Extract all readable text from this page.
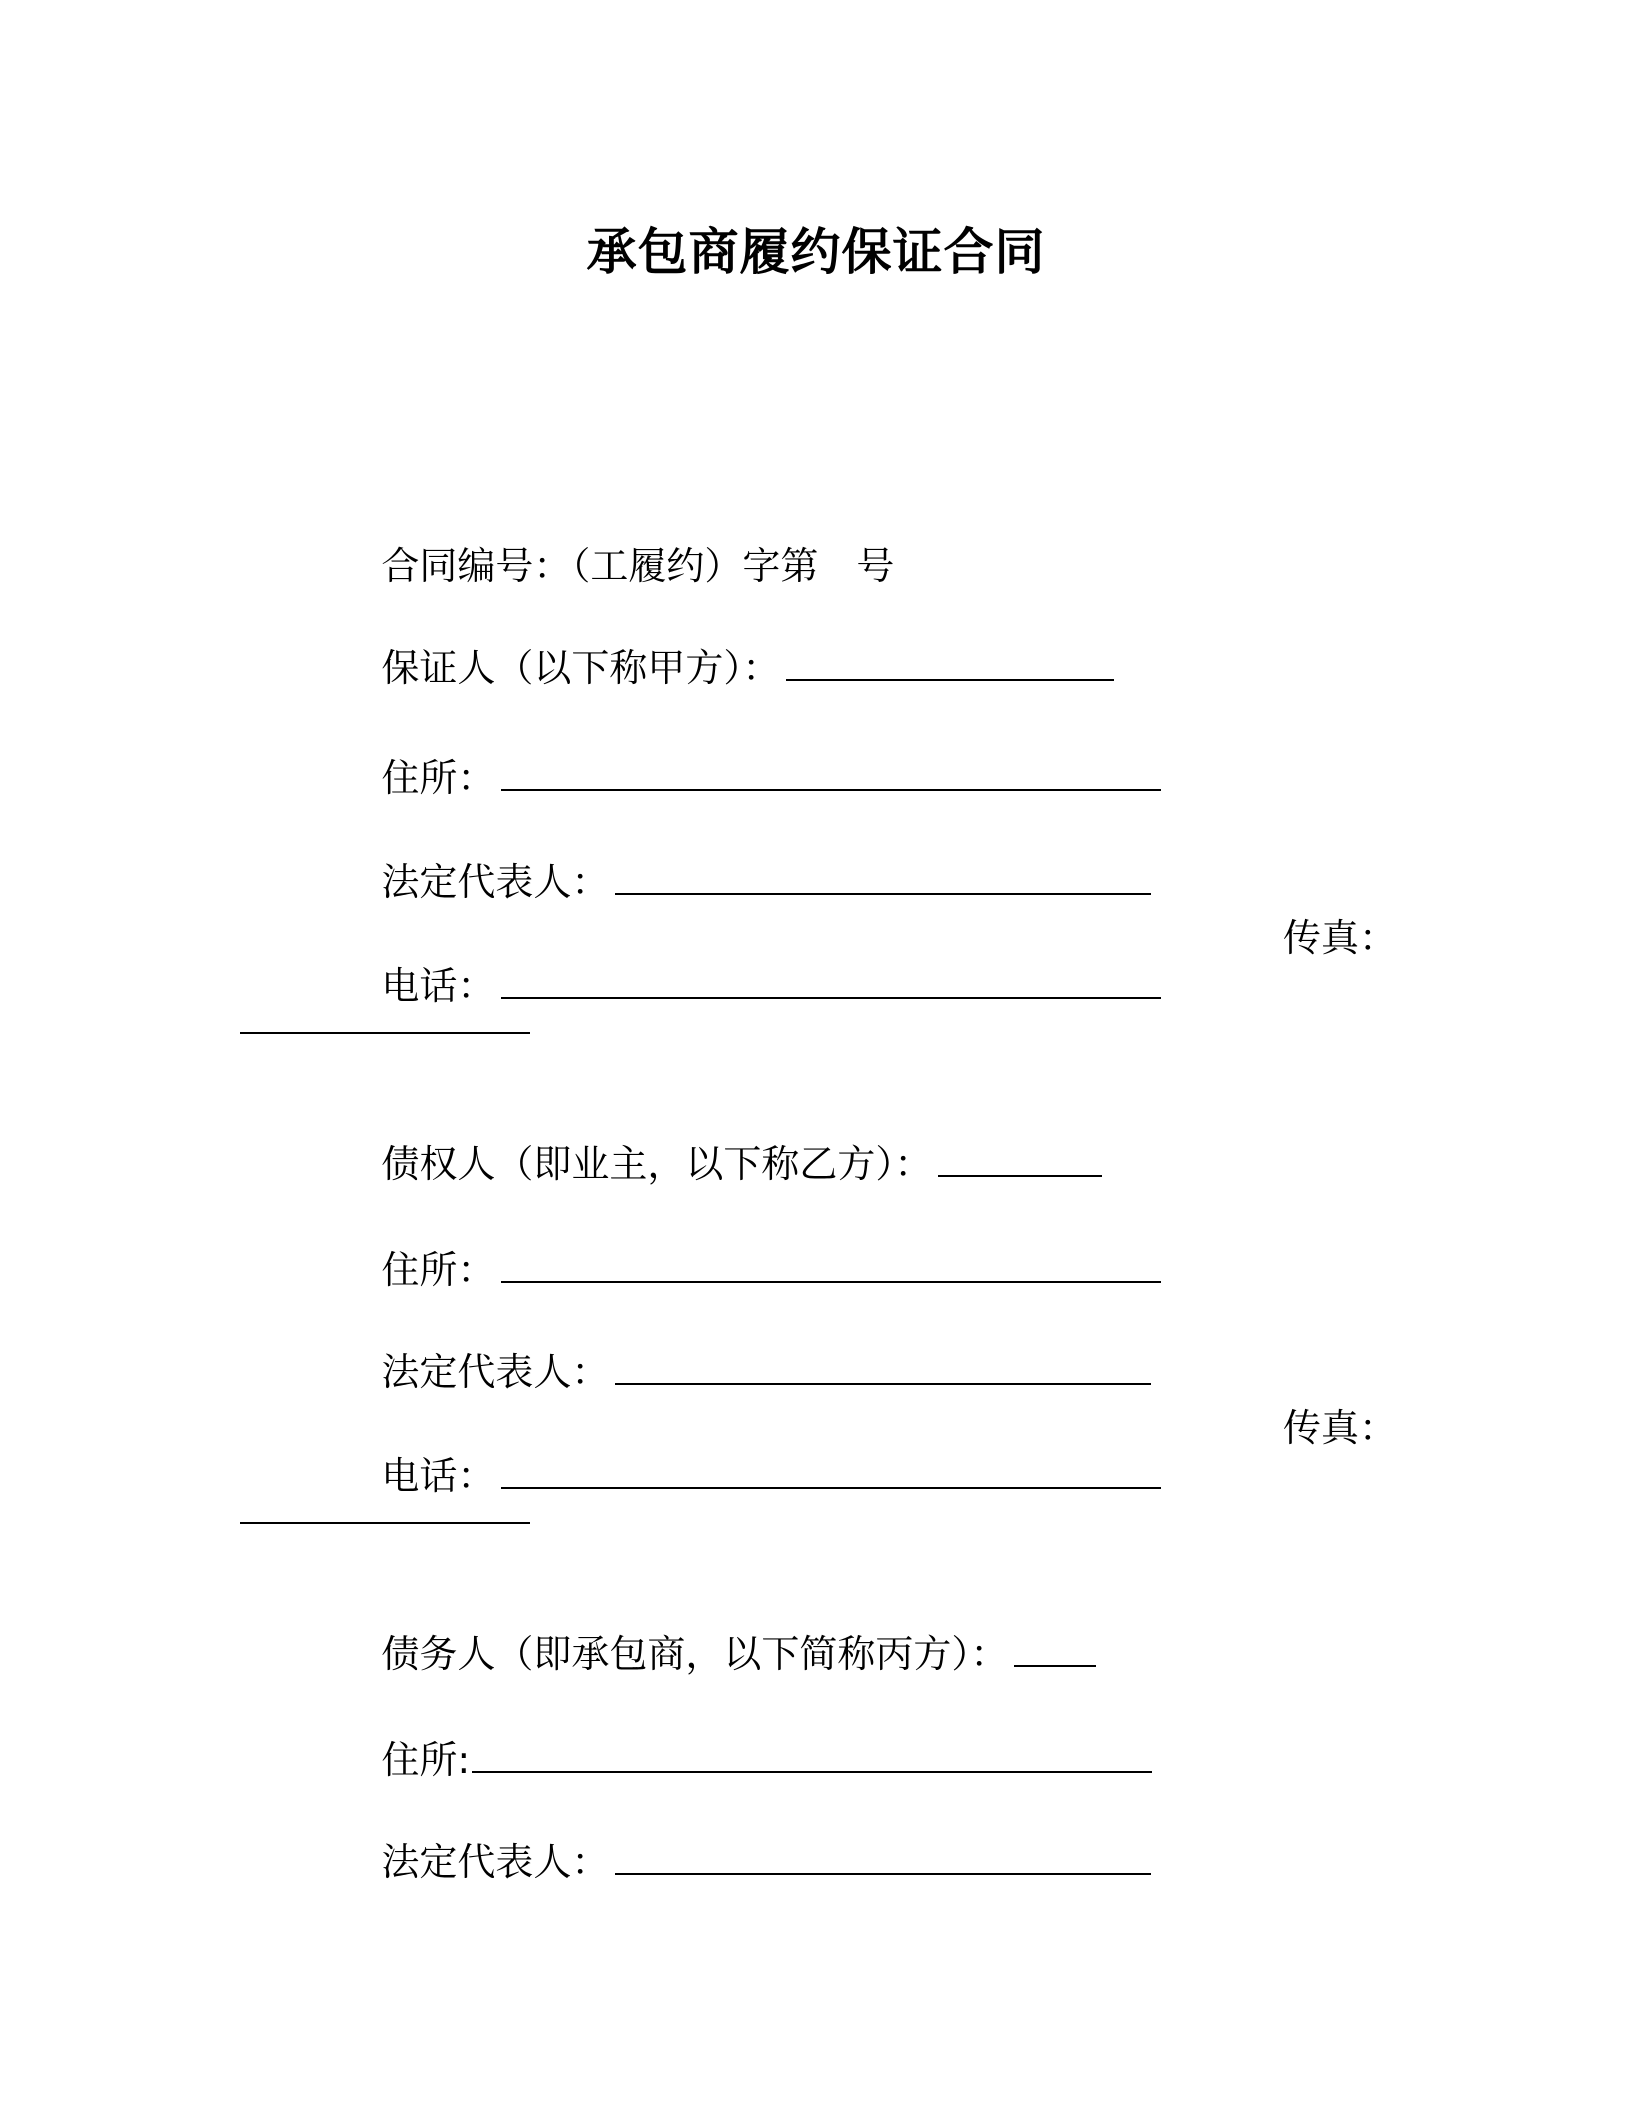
承包商履约保证合同

合同编号：（工履约）字第　号

保证人（以下称甲方）：

住所：

法定代表人：

电话：

传真：

债权人（即业主，以下称乙方）：

住所：

法定代表人：

电话：

传真：

债务人（即承包商，以下简称丙方）：

住所:

法定代表人：
